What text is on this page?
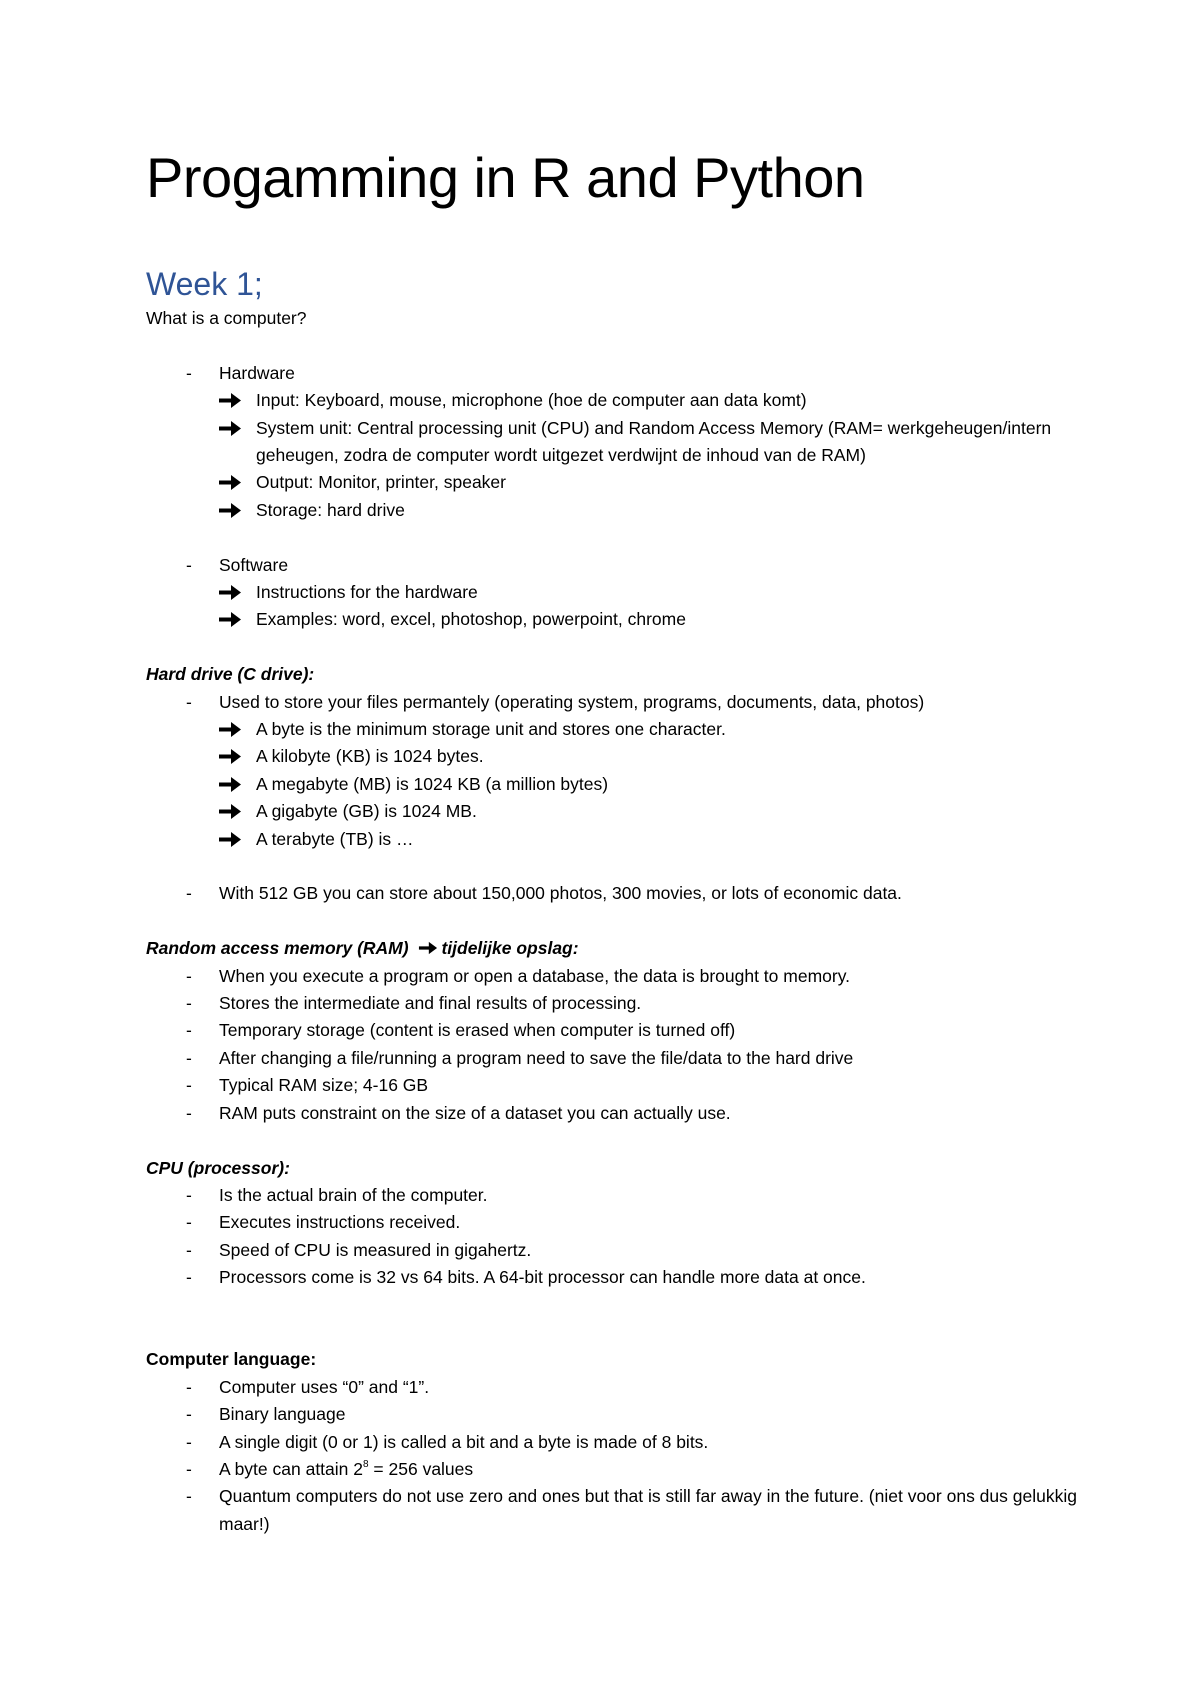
Progamming in R and Python
Week 1;
What is a computer?
- Hardware
Input: Keyboard, mouse, microphone (hoe de computer aan data komt)
System unit: Central processing unit (CPU) and Random Access Memory (RAM= werkgeheugen/intern geheugen, zodra de computer wordt uitgezet verdwijnt de inhoud van de RAM)
Output: Monitor, printer, speaker
Storage: hard drive
- Software
Instructions for the hardware
Examples: word, excel, photoshop, powerpoint, chrome
Hard drive (C drive):
- Used to store your files permantely (operating system, programs, documents, data, photos)
A byte is the minimum storage unit and stores one character.
A kilobyte (KB) is 1024 bytes.
A megabyte (MB) is 1024 KB (a million bytes)
A gigabyte (GB) is 1024 MB.
A terabyte (TB) is …
- With 512 GB you can store about 150,000 photos, 300 movies, or lots of economic data.
Random access memory (RAM) tijdelijke opslag:
- When you execute a program or open a database, the data is brought to memory.
- Stores the intermediate and final results of processing.
- Temporary storage (content is erased when computer is turned off)
- After changing a file/running a program need to save the file/data to the hard drive
- Typical RAM size; 4-16 GB
- RAM puts constraint on the size of a dataset you can actually use.
CPU (processor):
- Is the actual brain of the computer.
- Executes instructions received.
- Speed of CPU is measured in gigahertz.
- Processors come is 32 vs 64 bits. A 64-bit processor can handle more data at once.
Computer language:
- Computer uses “0” and “1”.
- Binary language
- A single digit (0 or 1) is called a bit and a byte is made of 8 bits.
- A byte can attain $2^8 = 256$ values
- Quantum computers do not use zero and ones but that is still far away in the future. (niet voor ons dus gelukkig maar!)
